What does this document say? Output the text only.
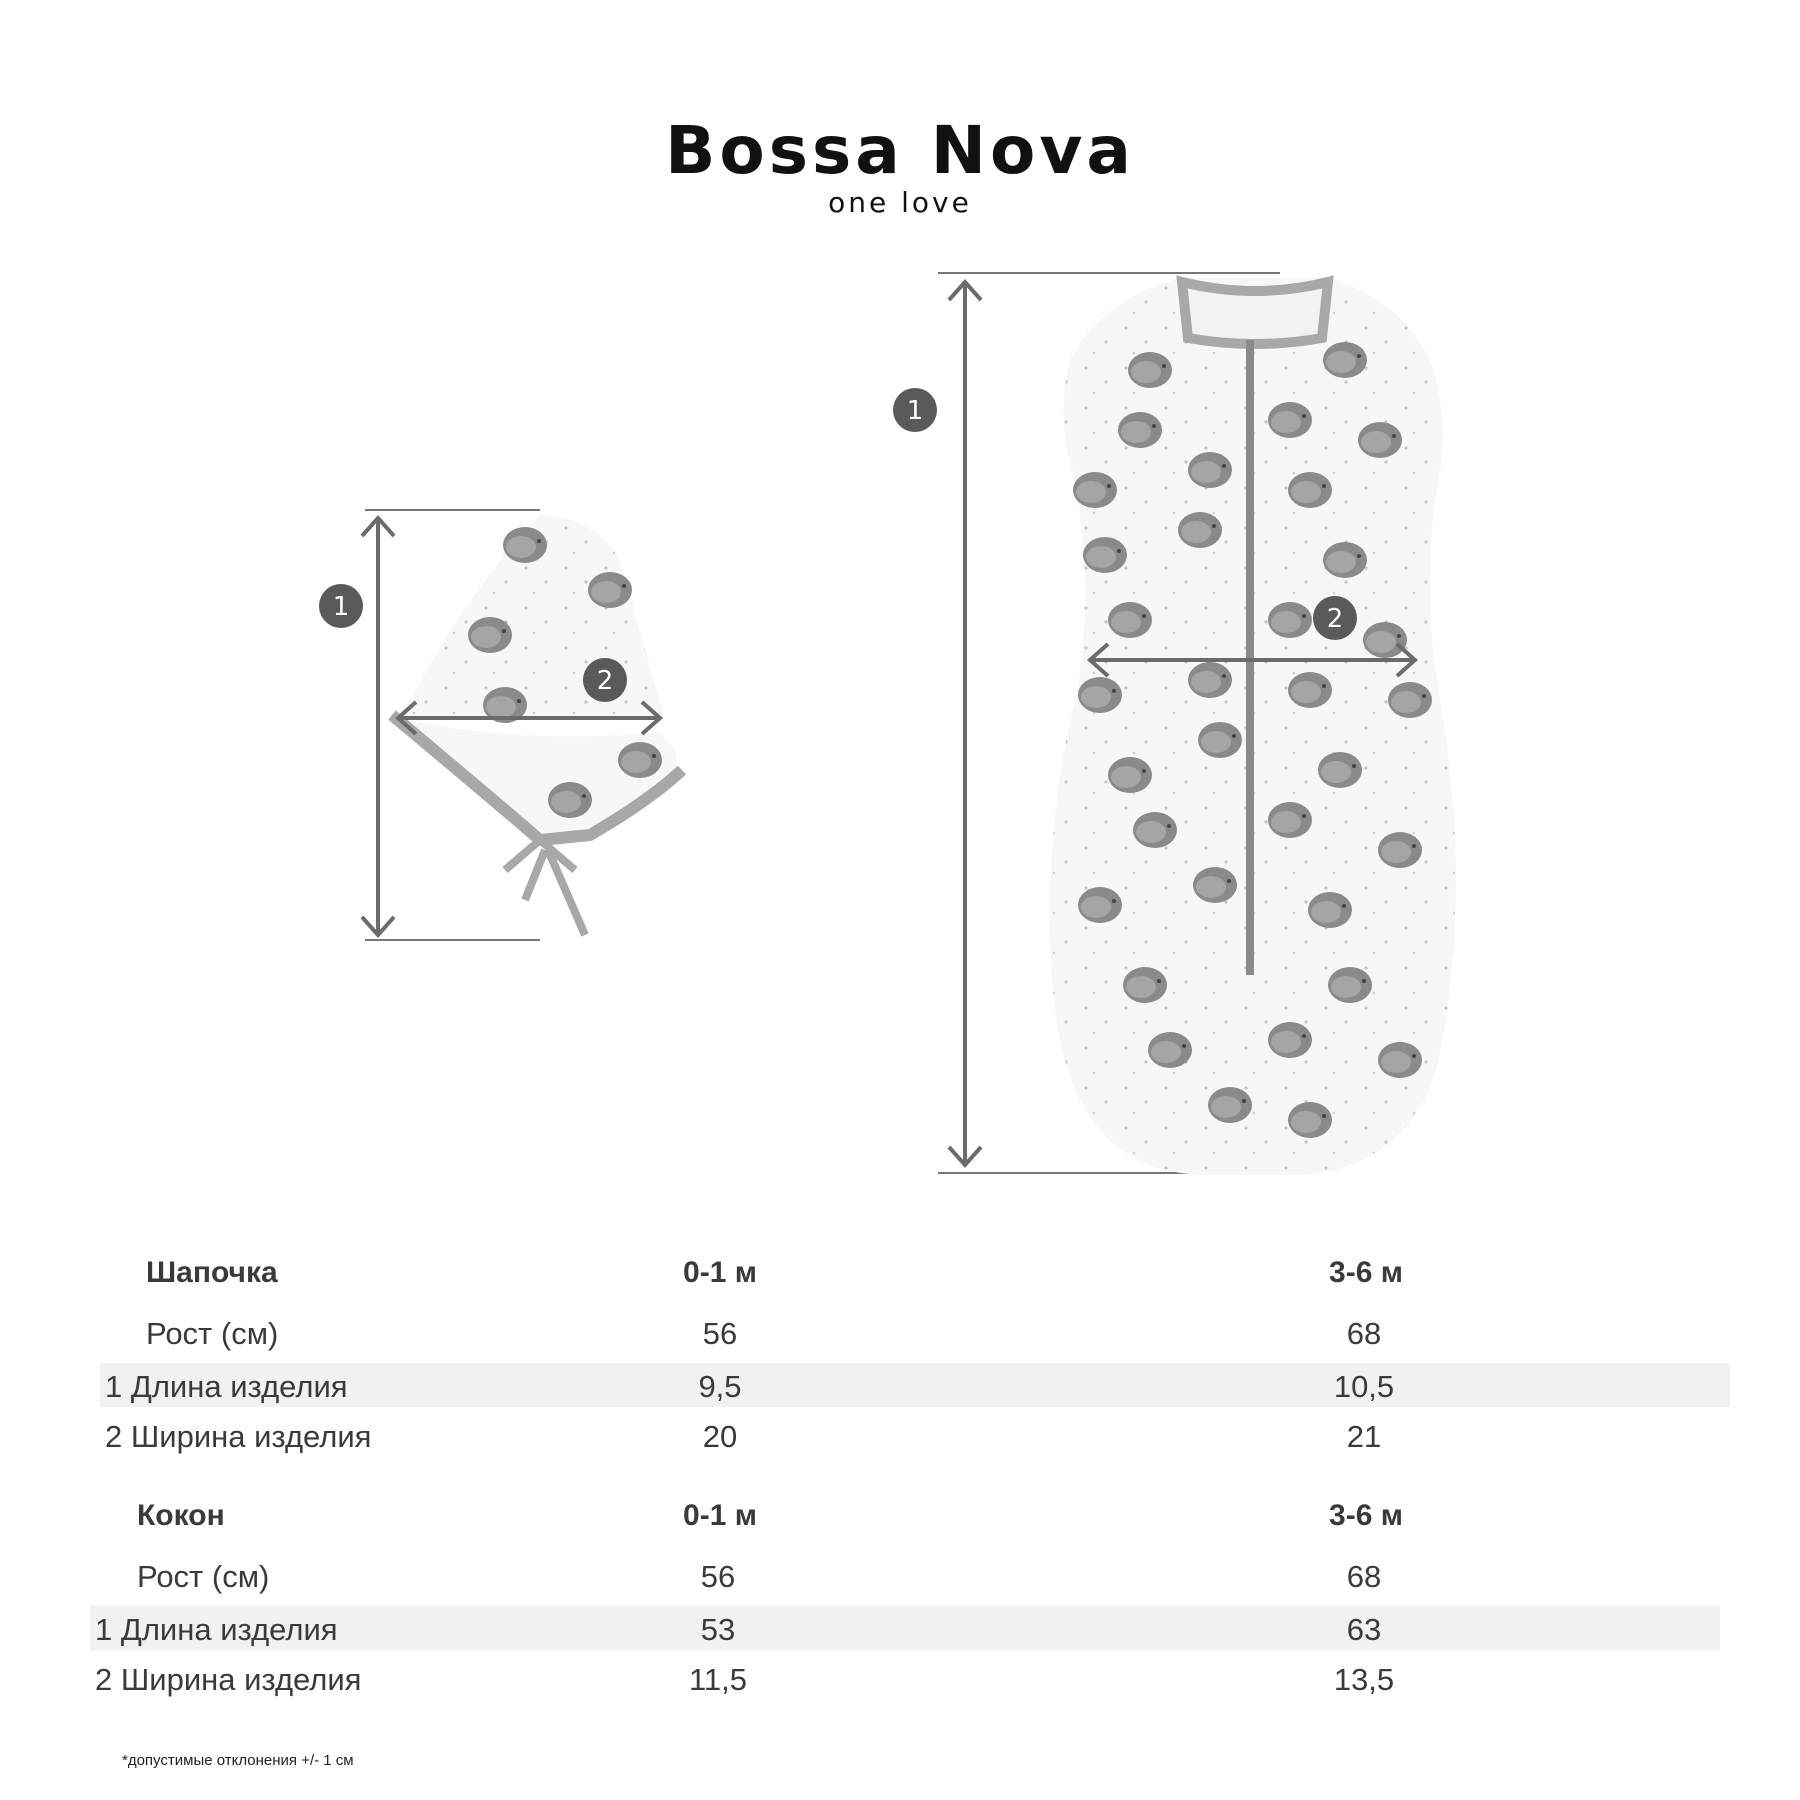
Bossa Nova
one love
1
2
1
2
Шапочка	0-1 м	3-6 м
Рост (см)	56	68
1 Длина изделия	9,5	10,5
2 Ширина изделия	20	21
Кокон	0-1 м	3-6 м
Рост (см)	56	68
1 Длина изделия	53	63
2 Ширина изделия	11,5	13,5
*допустимые отклонения +/- 1 см
